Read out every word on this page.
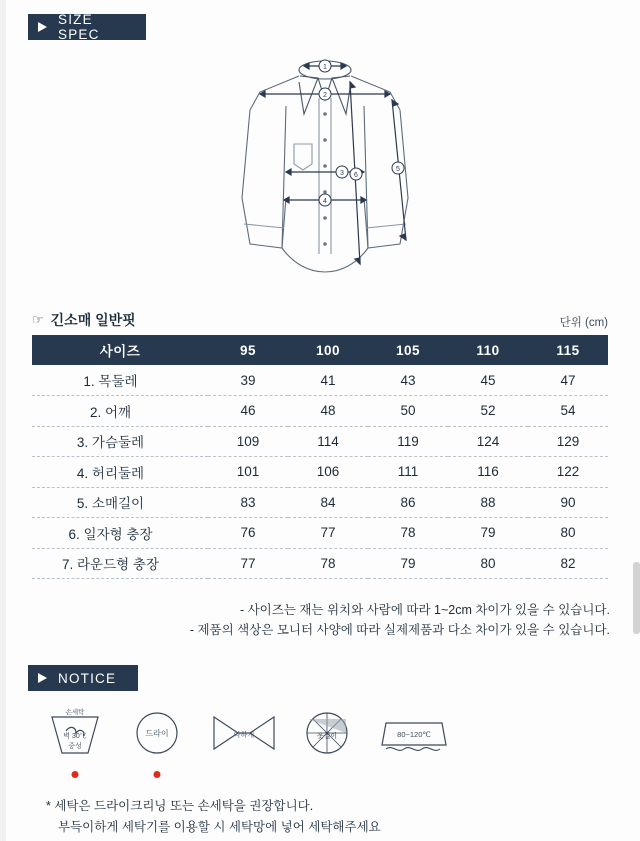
SIZE SPEC
1
2
3
4
5
6
☞ 긴소매 일반핏	단위 (cm)
사이즈	95	100	105	110	115
1. 목둘레	39	41	43	45	47
2. 어깨	46	48	50	52	54
3. 가슴둘레	109	114	119	124	129
4. 허리둘레	101	106	111	116	122
5. 소매길이	83	84	86	88	90
6. 일자형 충장	76	77	78	79	80
7. 라운드형 충장	77	78	79	80	82
- 사이즈는 재는 위치와 사람에 따라 1~2cm 차이가 있을 수 있습니다.
- 제품의 색상은 모니터 사양에 따라 실제제품과 다소 차이가 있을 수 있습니다.
NOTICE
손세탁
벽 30℃
중성
드라이	약하게	옷걸이	80~120℃
* 세탁은 드라이크리닝 또는 손세탁을 권장합니다.
부득이하게 세탁기를 이용할 시 세탁망에 넣어 세탁해주세요
